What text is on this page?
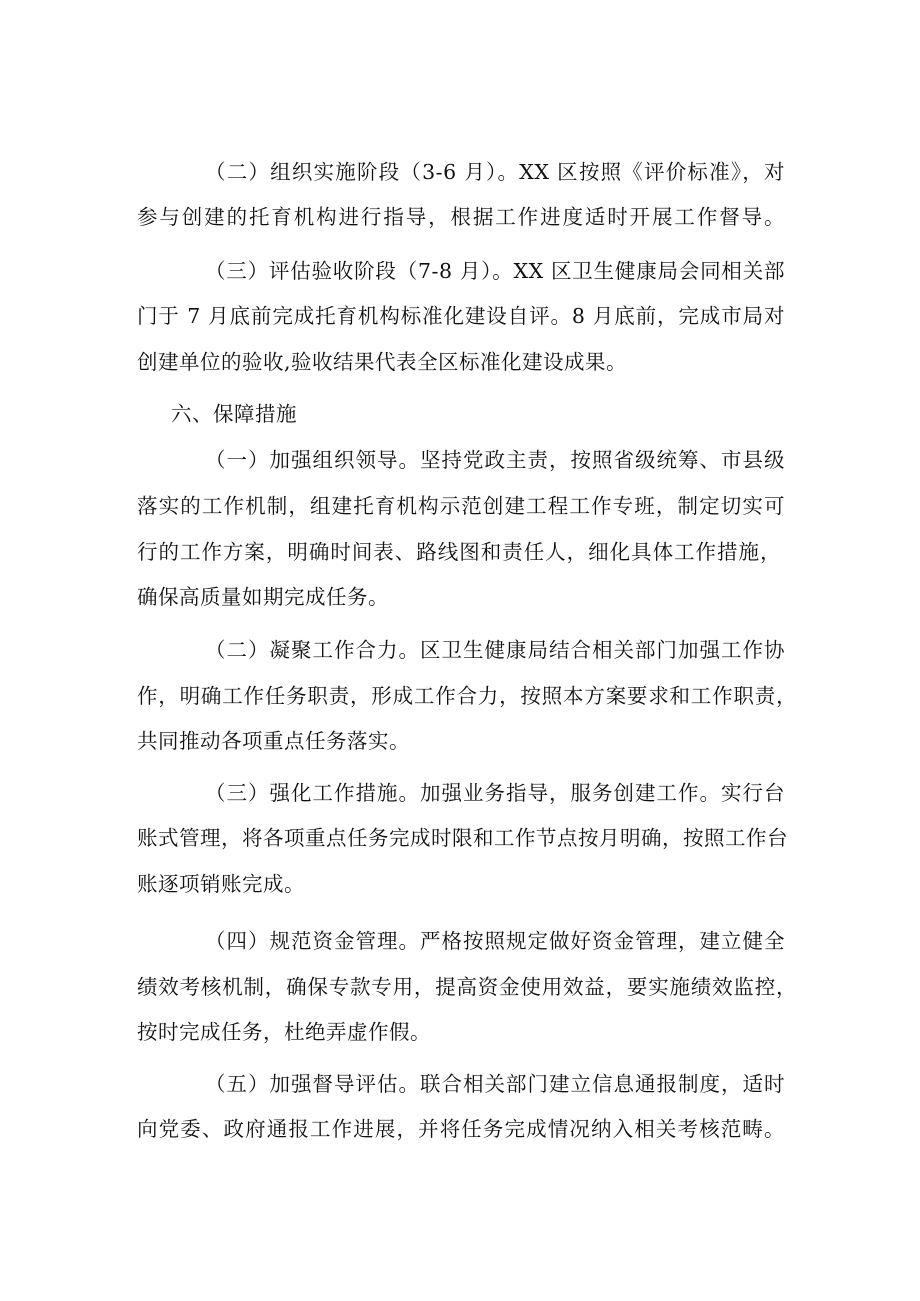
（二）组织实施阶段（3-6 月）。XX 区按照《评价标准》，对
参与创建的托育机构进行指导，根据工作进度适时开展工作督导。
（三）评估验收阶段（7-8 月）。XX 区卫生健康局会同相关部
门于 7 月底前完成托育机构标准化建设自评。8 月底前，完成市局对
创建单位的验收,验收结果代表全区标准化建设成果。
六、保障措施
（一）加强组织领导。坚持党政主责，按照省级统筹、市县级
落实的工作机制，组建托育机构示范创建工程工作专班，制定切实可
行的工作方案，明确时间表、路线图和责任人，细化具体工作措施，
确保高质量如期完成任务。
（二）凝聚工作合力。区卫生健康局结合相关部门加强工作协
作，明确工作任务职责，形成工作合力，按照本方案要求和工作职责，
共同推动各项重点任务落实。
（三）强化工作措施。加强业务指导，服务创建工作。实行台
账式管理，将各项重点任务完成时限和工作节点按月明确，按照工作台
账逐项销账完成。
（四）规范资金管理。严格按照规定做好资金管理，建立健全
绩效考核机制，确保专款专用，提高资金使用效益，要实施绩效监控，
按时完成任务，杜绝弄虚作假。
（五）加强督导评估。联合相关部门建立信息通报制度，适时
向党委、政府通报工作进展，并将任务完成情况纳入相关考核范畴。
